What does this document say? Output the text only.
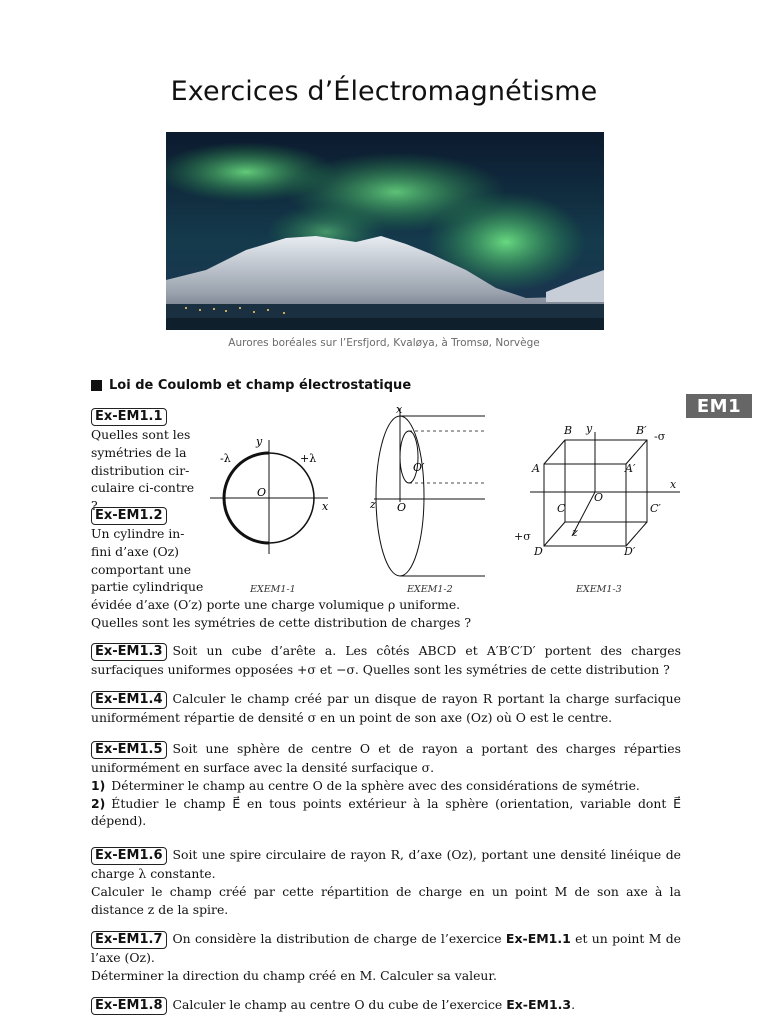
Exercices d’Électromagnétisme
Aurores boréales sur l’Ersfjord, Kvaløya, à Tromsø, Norvège
Loi de Coulomb et champ électrostatique
EM1
Ex-EM1.1

Quelles sont les

symétries de la

distribution cir-

culaire ci-contre ?

Ex-EM1.2

Un cylindre in-

fini d’axe (Oz)

comportant une

partie cylindrique

évidée d’axe (O′z) porte une charge volumique ρ uniforme.

Quelles sont les symétries de cette distribution de charges ?

-λ	+λ
y
x
O
EXEM1-1
x
z O
O′
EXEM1-2
B y	B′ -σ
A	A′
x
O
C	C′
+σ	z
D	D′
EXEM1-3
Ex-EM1.3 Soit un cube d’arête a. Les côtés ABCD et A′B′C′D′ portent des charges surfaciques uniformes opposées +σ et −σ. Quelles sont les symétries de cette distribution ?
Ex-EM1.4 Calculer le champ créé par un disque de rayon R portant la charge surfacique uniformément répartie de densité σ en un point de son axe (Oz) où O est le centre.
Ex-EM1.5 Soit une sphère de centre O et de rayon a portant des charges réparties uniformément en surface avec la densité surfacique σ.

1) Déterminer le champ au centre O de la sphère avec des considérations de symétrie.

2) Étudier le champ E⃗ en tous points extérieur à la sphère (orientation, variable dont E⃗ dépend).

Ex-EM1.6 Soit une spire circulaire de rayon R, d’axe (Oz), portant une densité linéique de charge λ constante.

Calculer le champ créé par cette répartition de charge en un point M de son axe à la distance z de la spire.

Ex-EM1.7 On considère la distribution de charge de l’exercice Ex-EM1.1 et un point M de l’axe (Oz).

Déterminer la direction du champ créé en M. Calculer sa valeur.

Ex-EM1.8 Calculer le champ au centre O du cube de l’exercice Ex-EM1.3.
